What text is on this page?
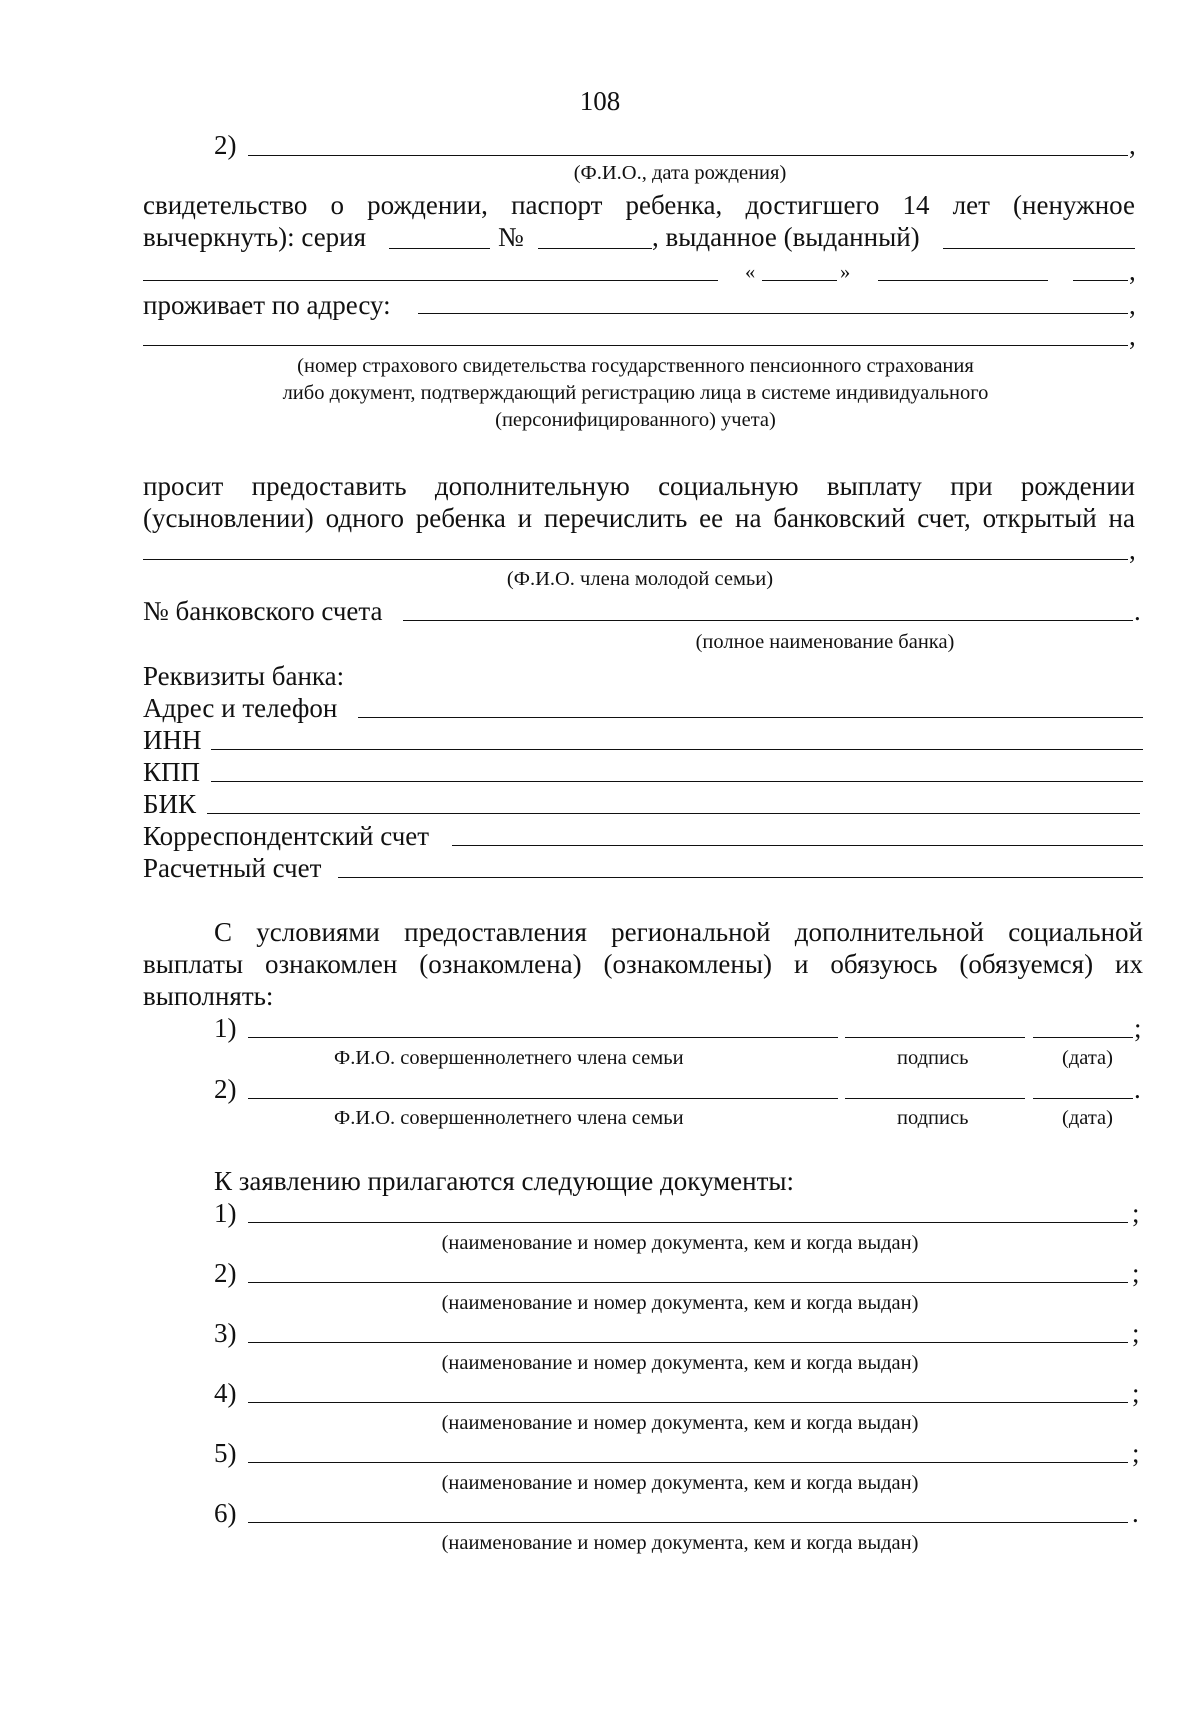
108
2)	,
(Ф.И.О., дата рождения)
свидетельство о рождении, паспорт ребенка, достигшего 14 лет (ненужное
вычеркнуть): серия	№	, выданное (выданный)
«	»	,
проживает по адресу:	,
,
(номер страхового свидетельства государственного пенсионного страхования
либо документ, подтверждающий регистрацию лица в системе индивидуального
(персонифицированного) учета)
просит предоставить дополнительную социальную выплату при рождении
(усыновлении) одного ребенка и перечислить ее на банковский счет, открытый на
,
(Ф.И.О. члена молодой семьи)
№ банковского счета	.
(полное наименование банка)
Реквизиты банка:
Адрес и телефон
ИНН
КПП
БИК
Корреспондентский счет
Расчетный счет
С условиями предоставления региональной дополнительной социальной
выплаты ознакомлен (ознакомлена) (ознакомлены) и обязуюсь (обязуемся) их
выполнять:
1)	;
Ф.И.О. совершеннолетнего члена семьи	подпись	(дата)
2)	.
Ф.И.О. совершеннолетнего члена семьи	подпись	(дата)
К заявлению прилагаются следующие документы:
1)	;
(наименование и номер документа, кем и когда выдан)
2)	;
(наименование и номер документа, кем и когда выдан)
3)	;
(наименование и номер документа, кем и когда выдан)
4)	;
(наименование и номер документа, кем и когда выдан)
5)	;
(наименование и номер документа, кем и когда выдан)
6)	.
(наименование и номер документа, кем и когда выдан)
